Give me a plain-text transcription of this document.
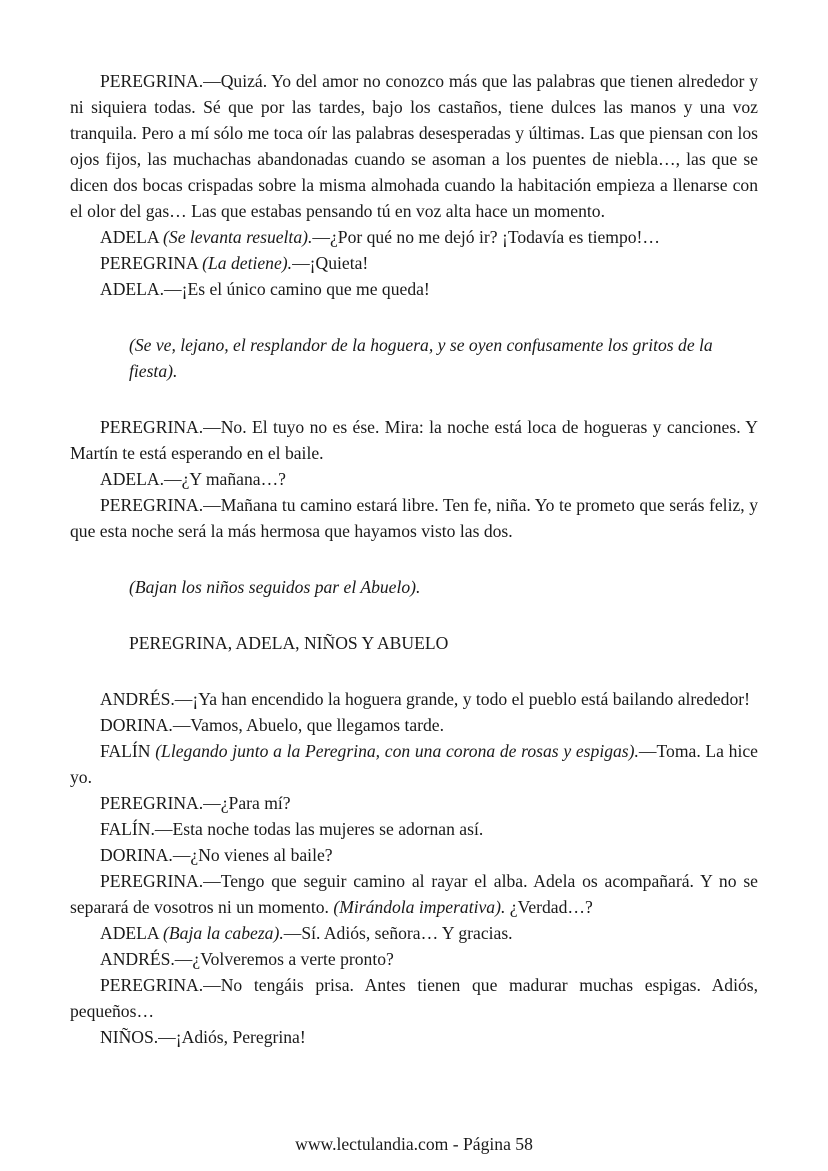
PEREGRINA.—Quizá. Yo del amor no conozco más que las palabras que tienen alrededor y ni siquiera todas. Sé que por las tardes, bajo los castaños, tiene dulces las manos y una voz tranquila. Pero a mí sólo me toca oír las palabras desesperadas y últimas. Las que piensan con los ojos fijos, las muchachas abandonadas cuando se asoman a los puentes de niebla…, las que se dicen dos bocas crispadas sobre la misma almohada cuando la habitación empieza a llenarse con el olor del gas… Las que estabas pensando tú en voz alta hace un momento.

ADELA (Se levanta resuelta).—¿Por qué no me dejó ir? ¡Todavía es tiempo!…

PEREGRINA (La detiene).—¡Quieta!

ADELA.—¡Es el único camino que me queda!

(Se ve, lejano, el resplandor de la hoguera, y se oyen confusamente los gritos de la fiesta).

PEREGRINA.—No. El tuyo no es ése. Mira: la noche está loca de hogueras y canciones. Y Martín te está esperando en el baile.

ADELA.—¿Y mañana…?

PEREGRINA.—Mañana tu camino estará libre. Ten fe, niña. Yo te prometo que serás feliz, y que esta noche será la más hermosa que hayamos visto las dos.

(Bajan los niños seguidos par el Abuelo).

PEREGRINA, ADELA, NIÑOS Y ABUELO

ANDRÉS.—¡Ya han encendido la hoguera grande, y todo el pueblo está bailando alrededor!

DORINA.—Vamos, Abuelo, que llegamos tarde.

FALÍN (Llegando junto a la Peregrina, con una corona de rosas y espigas).—Toma. La hice yo.

PEREGRINA.—¿Para mí?

FALÍN.—Esta noche todas las mujeres se adornan así.

DORINA.—¿No vienes al baile?

PEREGRINA.—Tengo que seguir camino al rayar el alba. Adela os acompañará. Y no se separará de vosotros ni un momento. (Mirándola imperativa). ¿Verdad…?

ADELA (Baja la cabeza).—Sí. Adiós, señora… Y gracias.

ANDRÉS.—¿Volveremos a verte pronto?

PEREGRINA.—No tengáis prisa. Antes tienen que madurar muchas espigas. Adiós, pequeños…

NIÑOS.—¡Adiós, Peregrina!

www.lectulandia.com - Página 58
